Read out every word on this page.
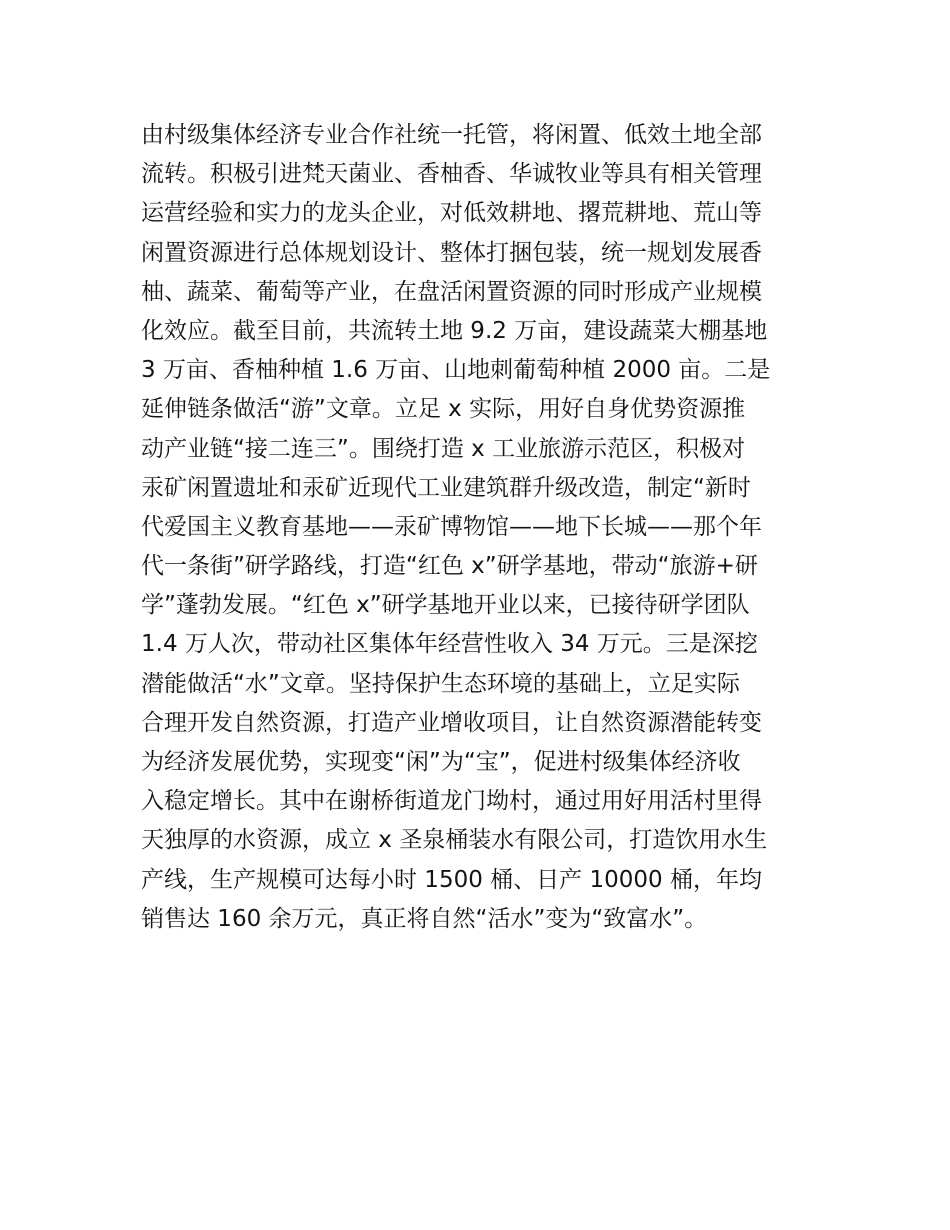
由村级集体经济专业合作社统一托管，将闲置、低效土地全部
流转。积极引进梵天菌业、香柚香、华诚牧业等具有相关管理
运营经验和实力的龙头企业，对低效耕地、撂荒耕地、荒山等
闲置资源进行总体规划设计、整体打捆包装，统一规划发展香
柚、蔬菜、葡萄等产业，在盘活闲置资源的同时形成产业规模
化效应。截至目前，共流转土地 9.2 万亩，建设蔬菜大棚基地
3 万亩、香柚种植 1.6 万亩、山地刺葡萄种植 2000 亩。二是
延伸链条做活“游”文章。立足 x 实际，用好自身优势资源推
动产业链“接二连三”。围绕打造 x 工业旅游示范区，积极对
汞矿闲置遗址和汞矿近现代工业建筑群升级改造，制定“新时
代爱国主义教育基地——汞矿博物馆——地下长城——那个年
代一条街”研学路线，打造“红色 x”研学基地，带动“旅游+研
学”蓬勃发展。“红色 x”研学基地开业以来，已接待研学团队
1.4 万人次，带动社区集体年经营性收入 34 万元。三是深挖
潜能做活“水”文章。坚持保护生态环境的基础上，立足实际
合理开发自然资源，打造产业增收项目，让自然资源潜能转变
为经济发展优势，实现变“闲”为“宝”，促进村级集体经济收
入稳定增长。其中在谢桥街道龙门坳村，通过用好用活村里得
天独厚的水资源，成立 x 圣泉桶装水有限公司，打造饮用水生
产线，生产规模可达每小时 1500 桶、日产 10000 桶，年均
销售达 160 余万元，真正将自然“活水”变为“致富水”。
